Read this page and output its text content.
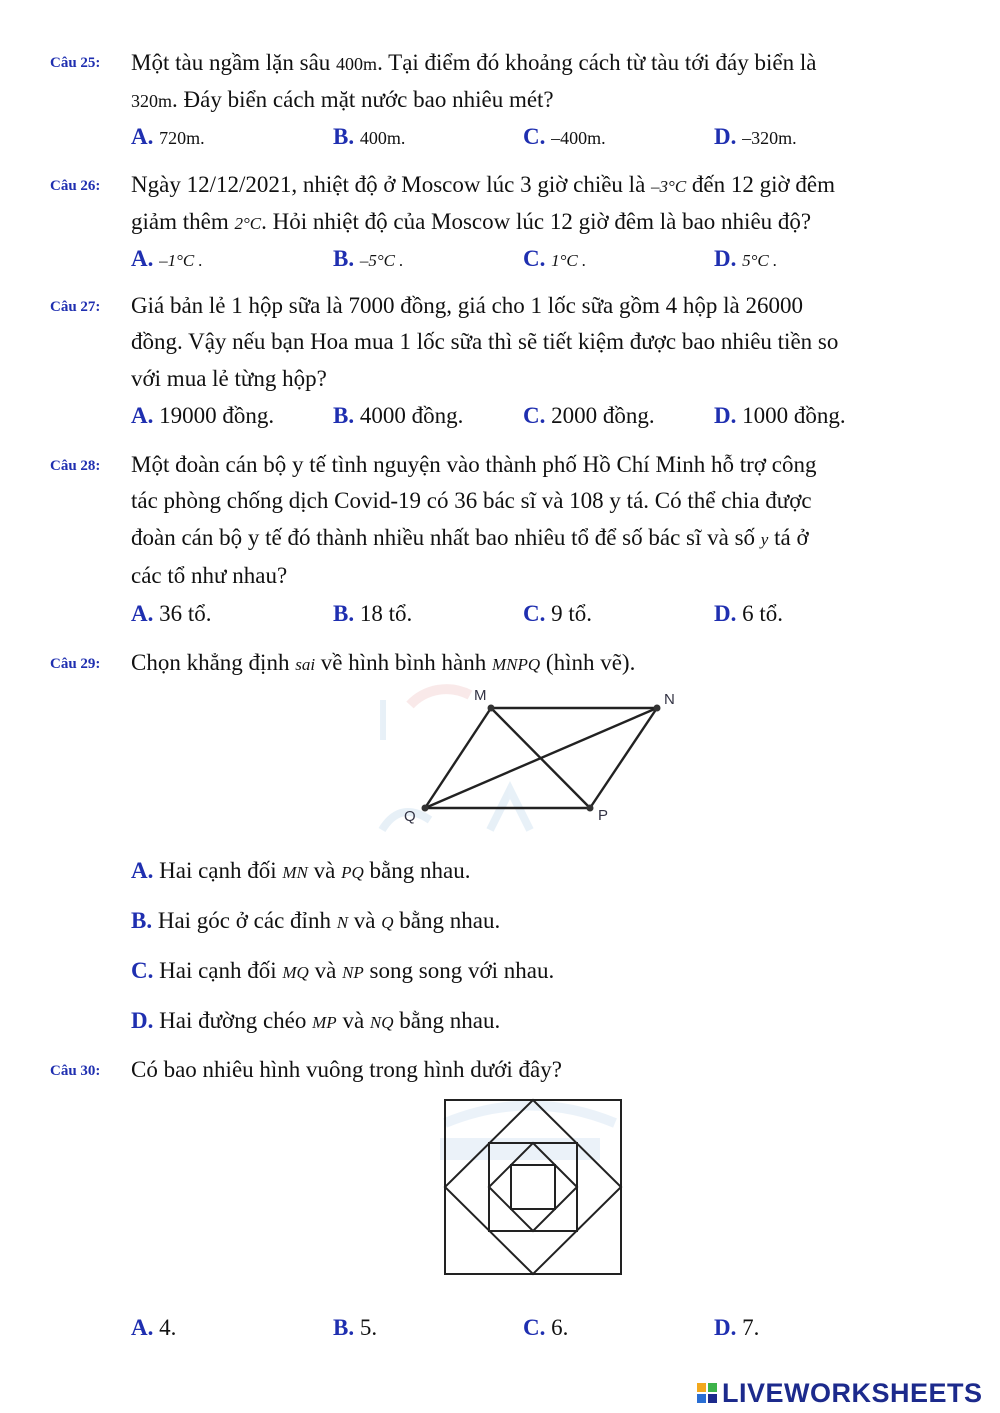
Câu 25: Một tàu ngầm lặn sâu 400m. Tại điểm đó khoảng cách từ tàu tới đáy biển là
320m. Đáy biển cách mặt nước bao nhiêu mét?
A. 720m.	B. 400m.	C. –400m.	D. –320m.
Câu 26: Ngày 12/12/2021, nhiệt độ ở Moscow lúc 3 giờ chiều là –3°C đến 12 giờ đêm
giảm thêm 2°C. Hỏi nhiệt độ của Moscow lúc 12 giờ đêm là bao nhiêu độ?
A. –1°C .	B. –5°C .	C. 1°C .	D. 5°C .
Câu 27: Giá bản lẻ 1 hộp sữa là 7000 đồng, giá cho 1 lốc sữa gồm 4 hộp là 26000
đồng. Vậy nếu bạn Hoa mua 1 lốc sữa thì sẽ tiết kiệm được bao nhiêu tiền so
với mua lẻ từng hộp?
A. 19000 đồng.	B. 4000 đồng.	C. 2000 đồng.	D. 1000 đồng.
Câu 28: Một đoàn cán bộ y tế tình nguyện vào thành phố Hồ Chí Minh hỗ trợ công
tác phòng chống dịch Covid-19 có 36 bác sĩ và 108 y tá. Có thể chia được
đoàn cán bộ y tế đó thành nhiều nhất bao nhiêu tổ để số bác sĩ và số y tá ở
các tổ như nhau?
A. 36 tổ.	B. 18 tổ.	C. 9 tổ.	D. 6 tổ.
Câu 29: Chọn khẳng định sai về hình bình hành MNPQ (hình vẽ).
M	N
P
Q
A. Hai cạnh đối MN và PQ bằng nhau.
B. Hai góc ở các đỉnh N và Q bằng nhau.
C. Hai cạnh đối MQ và NP song song với nhau.
D. Hai đường chéo MP và NQ bằng nhau.
Câu 30: Có bao nhiêu hình vuông trong hình dưới đây?
A. 4.	B. 5.	C. 6.	D. 7.
LIVEWORKSHEETS
